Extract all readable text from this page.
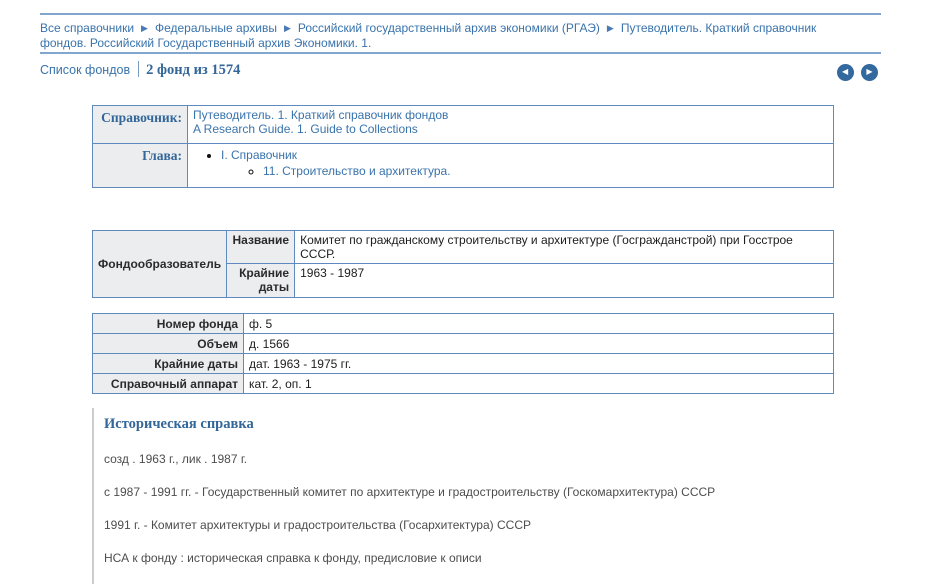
Все справочники ▶ Федеральные архивы ▶ Российский государственный архив экономики (РГАЭ) ▶ Путеводитель. Краткий справочник фондов. Российский Государственный архив Экономики. 1.
Список фондов 2 фонд из 1574	◀
▶
Справочник:	Путеводитель. 1. Краткий справочник фондов
A Research Guide. 1. Guide to Collections
Глава:	
•I. Справочник
◦ 11. Строительство и архитектура.
Фондообразователь	Название	Комитет по гражданскому строительству и архитектуре (Госгражданстрой) при Госстрое СССР.
	Крайние даты	1963 - 1987
Номер фонда	ф. 5
Объем	д. 1566
Крайние даты	дат. 1963 - 1975 гг.
Справочный аппарат	кат. 2, оп. 1
Историческая справка

созд . 1963 г., лик . 1987 г.

с 1987 - 1991 гг. - Государственный комитет по архитектуре и градостроительству (Госкомархитектура) СССР

1991 г. - Комитет архитектуры и градостроительства (Госархитектура) СССР

НСА к фонду : историческая справка к фонду, предисловие к описи
